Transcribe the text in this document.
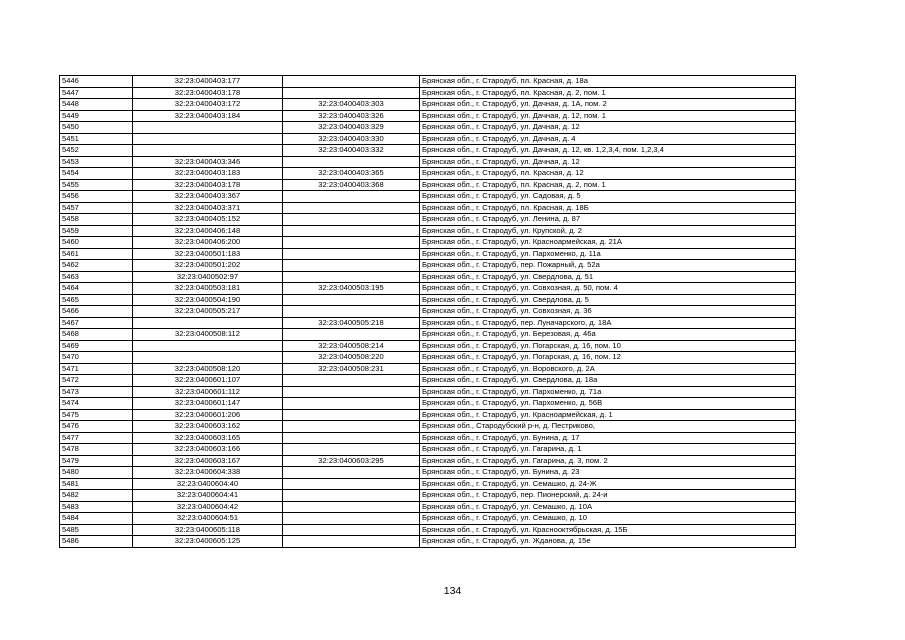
5446	32:23:0400403:177		Брянская обл., г. Стародуб, пл. Красная, д. 18а
5447	32:23:0400403:178		Брянская обл., г. Стародуб, пл. Красная, д. 2, пом. 1
5448	32:23:0400403:172	32:23:0400403:303	Брянская обл., г. Стародуб, ул. Дачная, д. 1А, пом. 2
5449	32:23:0400403:184	32:23:0400403:326	Брянская обл., г. Стародуб, ул. Дачная, д. 12, пом. 1
5450		32:23:0400403:329	Брянская обл., г. Стародуб, ул. Дачная, д. 12
5451		32:23:0400403:330	Брянская обл., г. Стародуб, ул. Дачная, д. 4
5452		32:23:0400403:332	Брянская обл., г. Стародуб, ул. Дачная, д. 12, кв. 1,2,3,4, пом. 1,2,3,4
5453	32:23:0400403:346		Брянская обл., г. Стародуб, ул. Дачная, д. 12
5454	32:23:0400403:183	32:23:0400403:365	Брянская обл., г. Стародуб, пл. Красная, д. 12
5455	32:23:0400403:178	32:23:0400403:368	Брянская обл., г. Стародуб, пл. Красная, д. 2, пом. 1
5456	32:23:0400403:367		Брянская обл., г. Стародуб, ул. Садовая, д. 5
5457	32:23:0400403:371		Брянская обл., г. Стародуб, пл. Красная, д. 18Б
5458	32:23:0400405:152		Брянская обл., г. Стародуб, ул. Ленина, д. 87
5459	32:23:0400406:148		Брянская обл., г. Стародуб, ул. Крупской, д. 2
5460	32:23:0400406:200		Брянская обл., г. Стародуб, ул. Красноармейская, д. 21А
5461	32:23:0400501:183		Брянская обл., г. Стародуб, ул. Пархоменко, д. 11а
5462	32:23:0400501:202		Брянская обл., г. Стародуб, пер. Пожарный, д. 52а
5463	32:23:0400502:97		Брянская обл., г. Стародуб, ул. Свердлова, д. 51
5464	32:23:0400503:181	32:23:0400503:195	Брянская обл., г. Стародуб, ул. Совхозная, д. 50, пом. 4
5465	32:23:0400504:190		Брянская обл., г. Стародуб, ул. Свердлова, д. 5
5466	32:23:0400505:217		Брянская обл., г. Стародуб, ул. Совхозная, д. 36
5467		32:23:0400505:218	Брянская обл., г. Стародуб, пер. Луначарского, д. 18А
5468	32:23:0400508:112		Брянская обл., г. Стародуб, ул. Березовая, д. 46а
5469		32:23:0400508:214	Брянская обл., г. Стародуб, ул. Погарская, д. 16, пом. 10
5470		32:23:0400508:220	Брянская обл., г. Стародуб, ул. Погарская, д. 16, пом. 12
5471	32:23:0400508:120	32:23:0400508:231	Брянская обл., г. Стародуб, ул. Воровского, д. 2А
5472	32:23:0400601:107		Брянская обл., г. Стародуб, ул. Свердлова, д. 18а
5473	32:23:0400601:112		Брянская обл., г. Стародуб, ул. Пархоменко, д. 71а
5474	32:23:0400601:147		Брянская обл., г. Стародуб, ул. Пархоменко, д. 56В
5475	32:23:0400601:206		Брянская обл., г. Стародуб, ул. Красноармейская, д. 1
5476	32:23:0400603:162		Брянская обл., Стародубский р-н, д. Пестриково,
5477	32:23:0400603:165		Брянская обл., г. Стародуб, ул. Бунина, д. 17
5478	32:23:0400603:166		Брянская обл., г. Стародуб, ул. Гагарина, д. 1
5479	32:23:0400603:167	32:23:0400603:295	Брянская обл., г. Стародуб, ул. Гагарина, д. 3, пом. 2
5480	32:23:0400604:338		Брянская обл., г. Стародуб, ул. Бунина, д. 23
5481	32:23:0400604:40		Брянская обл., г. Стародуб, ул. Семашко, д. 24-Ж
5482	32:23:0400604:41		Брянская обл., г. Стародуб, пер. Пионерский, д. 24-и
5483	32:23:0400604:42		Брянская обл., г. Стародуб, ул. Семашко, д. 10А
5484	32:23:0400604:51		Брянская обл., г. Стародуб, ул. Семашко, д. 10
5485	32:23:0400605:118		Брянская обл., г. Стародуб, ул. Краснооктябрьская, д. 15Б
5486	32:23:0400605:125		Брянская обл., г. Стародуб, ул. Жданова, д. 15е
134
